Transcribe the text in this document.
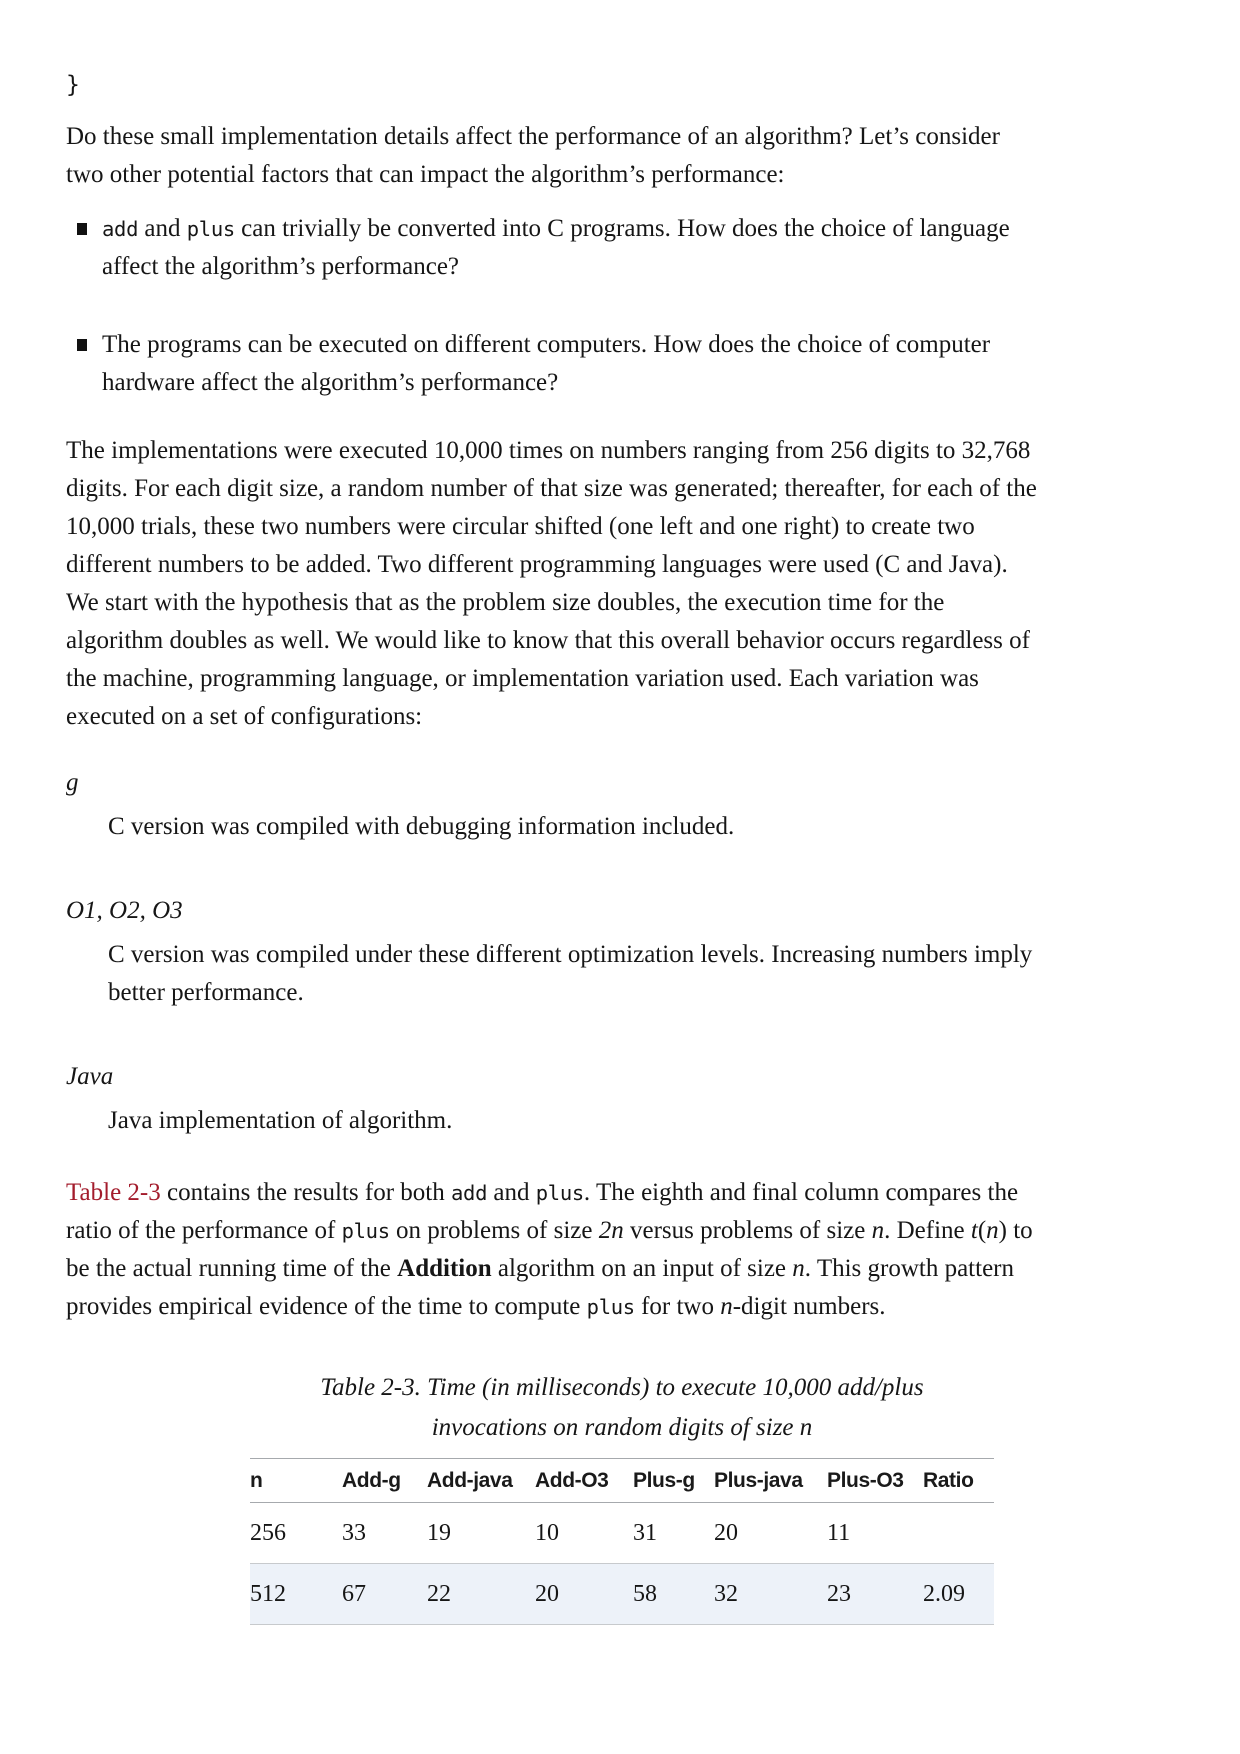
}

Do these small implementation details affect the performance of an algorithm? Let’s consider two other potential factors that can impact the algorithm’s performance:

add and plus can trivially be converted into C programs. How does the choice of language affect the algorithm’s performance?
The programs can be executed on different computers. How does the choice of computer hardware affect the algorithm’s performance?

The implementations were executed 10,000 times on numbers ranging from 256 digits to 32,768 digits. For each digit size, a random number of that size was generated; thereafter, for each of the 10,000 trials, these two numbers were circular shifted (one left and one right) to create two different numbers to be added. Two different programming languages were used (C and Java). We start with the hypothesis that as the problem size doubles, the execution time for the algorithm doubles as well. We would like to know that this overall behavior occurs regardless of the machine, programming language, or implementation variation used. Each variation was executed on a set of configurations:

g
C version was compiled with debugging information included.
O1, O2, O3
C version was compiled under these different optimization levels. Increasing numbers imply better performance.
Java
Java implementation of algorithm.

Table 2-3 contains the results for both add and plus. The eighth and final column compares the ratio of the performance of plus on problems of size 2n versus problems of size n. Define t(n) to be the actual running time of the Addition algorithm on an input of size n. This growth pattern provides empirical evidence of the time to compute plus for two n-digit numbers.

Table 2-3. Time (in milliseconds) to execute 10,000 add/plus invocations on random digits of size n
n	Add-g	Add-java	Add-O3	Plus-g	Plus-java	Plus-O3	Ratio
256	33	19	10	31	20	11	
512	67	22	20	58	32	23	2.09
